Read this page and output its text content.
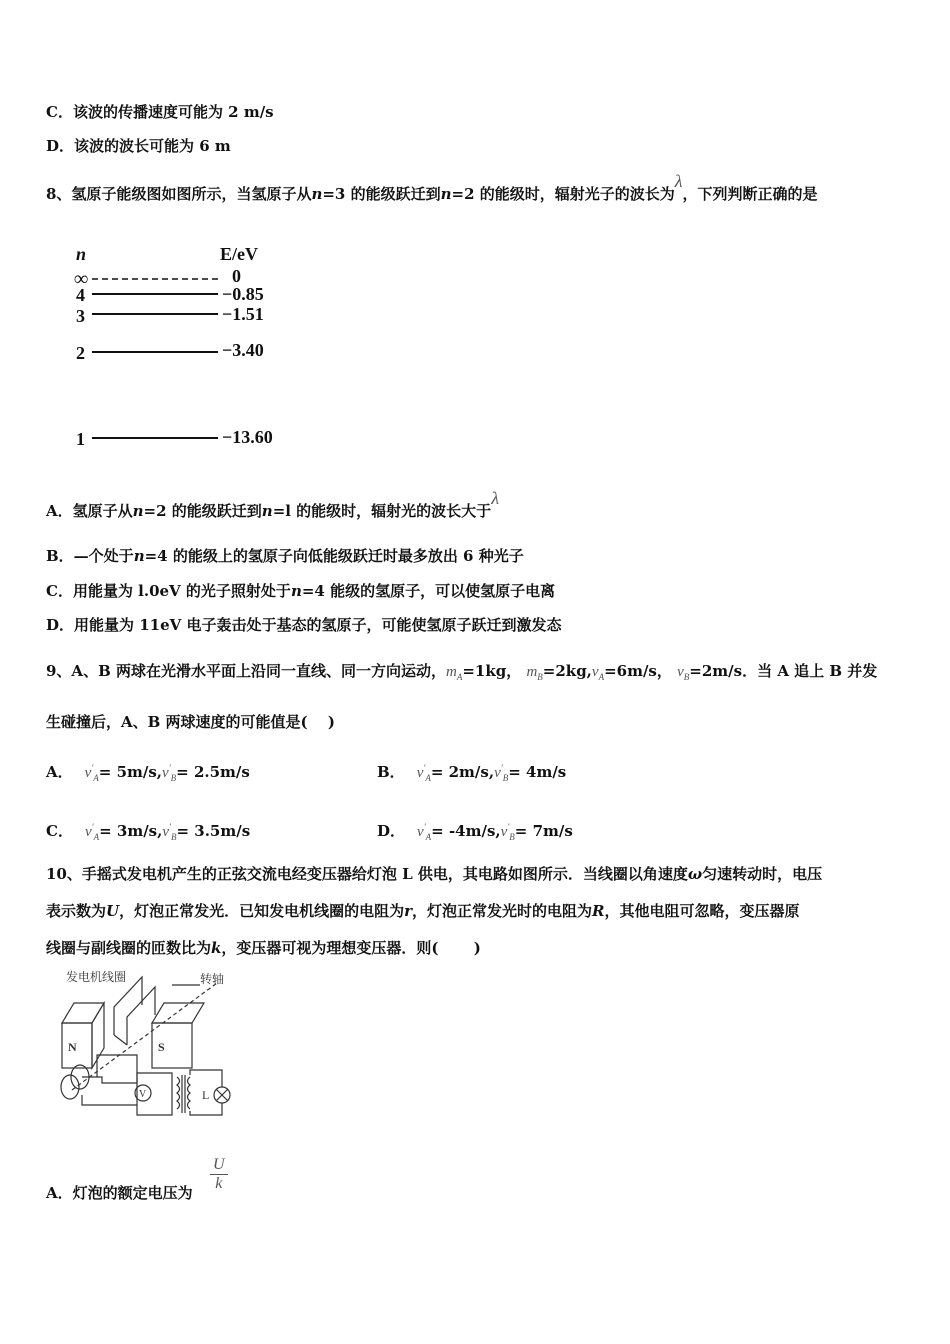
C．该波的传播速度可能为 2 m/s
D．该波的波长可能为 6 m
8、氢原子能级图如图所示，当氢原子从n=3 的能级跃迁到n=2 的能级时，辐射光子的波长为λ，下列判断正确的是
n	E/eV
∞	0
4	−0.85
3	−1.51
2	−3.40
1	−13.60
A．氢原子从n=2 的能级跃迁到n=l 的能级时，辐射光的波长大于λ
B．—个处于n=4 的能级上的氢原子向低能级跃迁时最多放出 6 种光子
C．用能量为 l.0eV 的光子照射处于n=4 能级的氢原子，可以使氢原子电离
D．用能量为 11eV 电子轰击处于基态的氢原子，可能使氢原子跃迁到激发态
9、A、B 两球在光滑水平面上沿同一直线、同一方向运动，$m_A=1kg$， $m_B=2kg,v_A=6m/s$， $v_B=2m/s$．当 A 追上 B 并发
生碰撞后，A、B 两球速度的可能值是(　 )
A． $v'_A= 5m/s,v'_B= 2.5m/s$	B． $v'_A= 2m/s,v'_B= 4m/s$
C． $v'_A= 3m/s,v'_B= 3.5m/s$	D． $v'_A= -4m/s,v'_B= 7m/s$
10、手摇式发电机产生的正弦交流电经变压器给灯泡 L 供电，其电路如图所示．当线圈以角速度ω匀速转动时，电压
表示数为U，灯泡正常发光．已知发电机线圈的电阻为r，灯泡正常发光时的电阻为R，其他电阻可忽略，变压器原
线圈与副线圈的匝数比为k，变压器可视为理想变压器．则(　 　)
发电机线圈	转轴
N	S
V	L
A．灯泡的额定电压为 $\frac{U}{k}$
